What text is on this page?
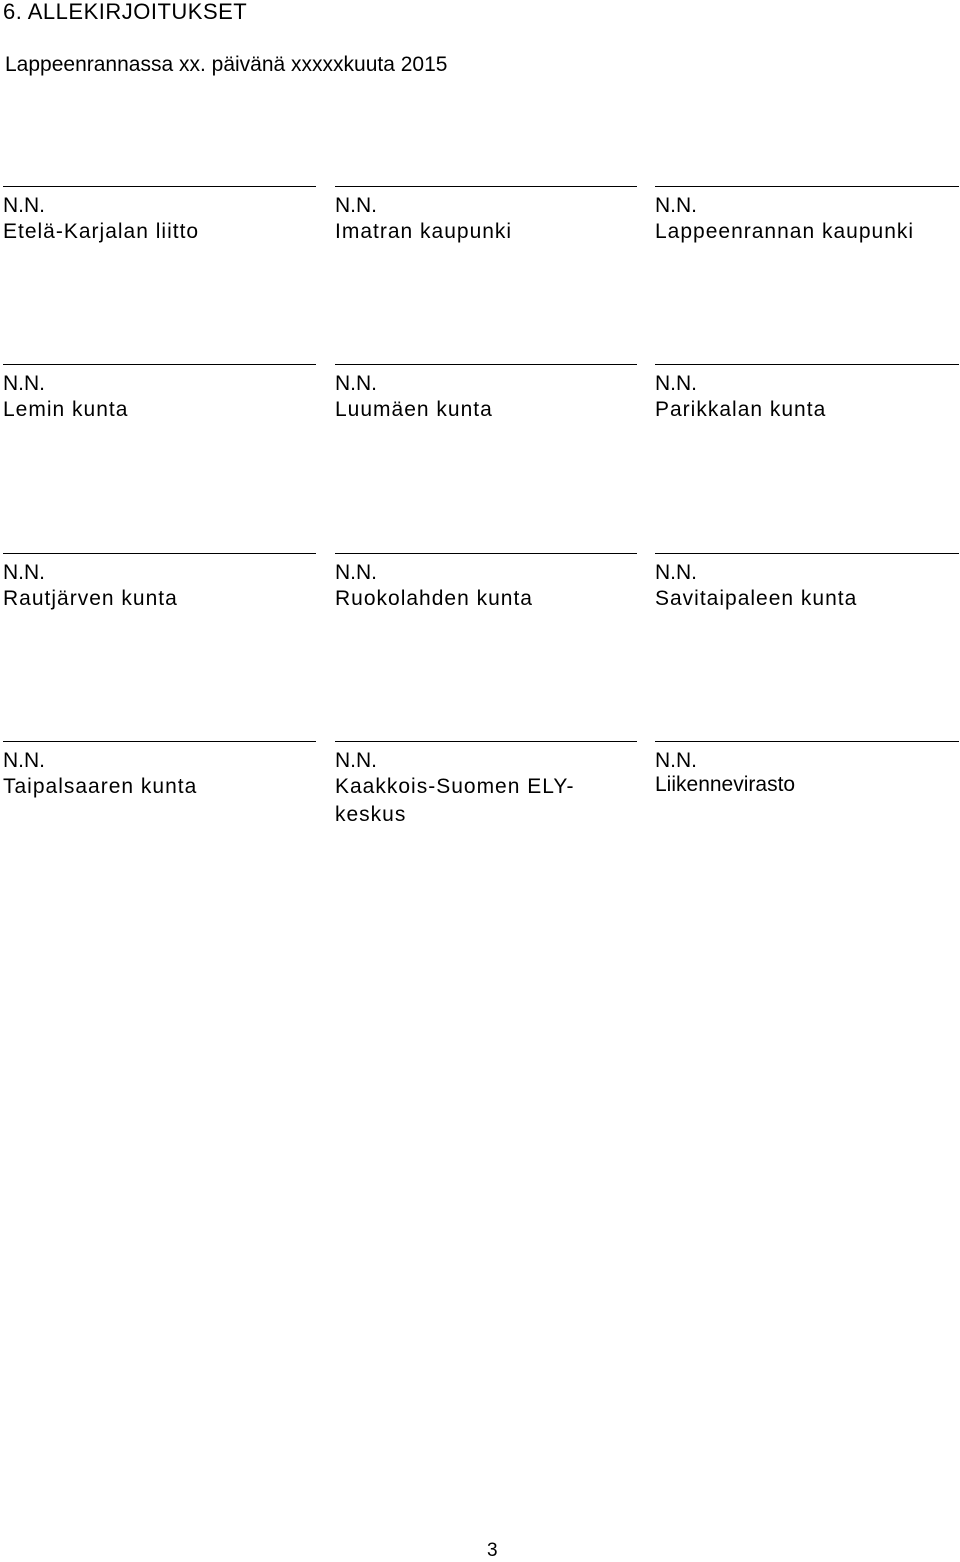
6. ALLEKIRJOITUKSET
Lappeenrannassa xx. päivänä xxxxxkuuta 2015
N.N.
Etelä-Karjalan liitto
N.N.
Imatran kaupunki
N.N.
Lappeenrannan kaupunki
N.N.
Lemin kunta
N.N.
Luumäen kunta
N.N.
Parikkalan kunta
N.N.
Rautjärven kunta
N.N.
Ruokolahden kunta
N.N.
Savitaipaleen kunta
N.N.
Taipalsaaren kunta
N.N.
Kaakkois-Suomen ELY-keskus
N.N.
Liikennevirasto
3
